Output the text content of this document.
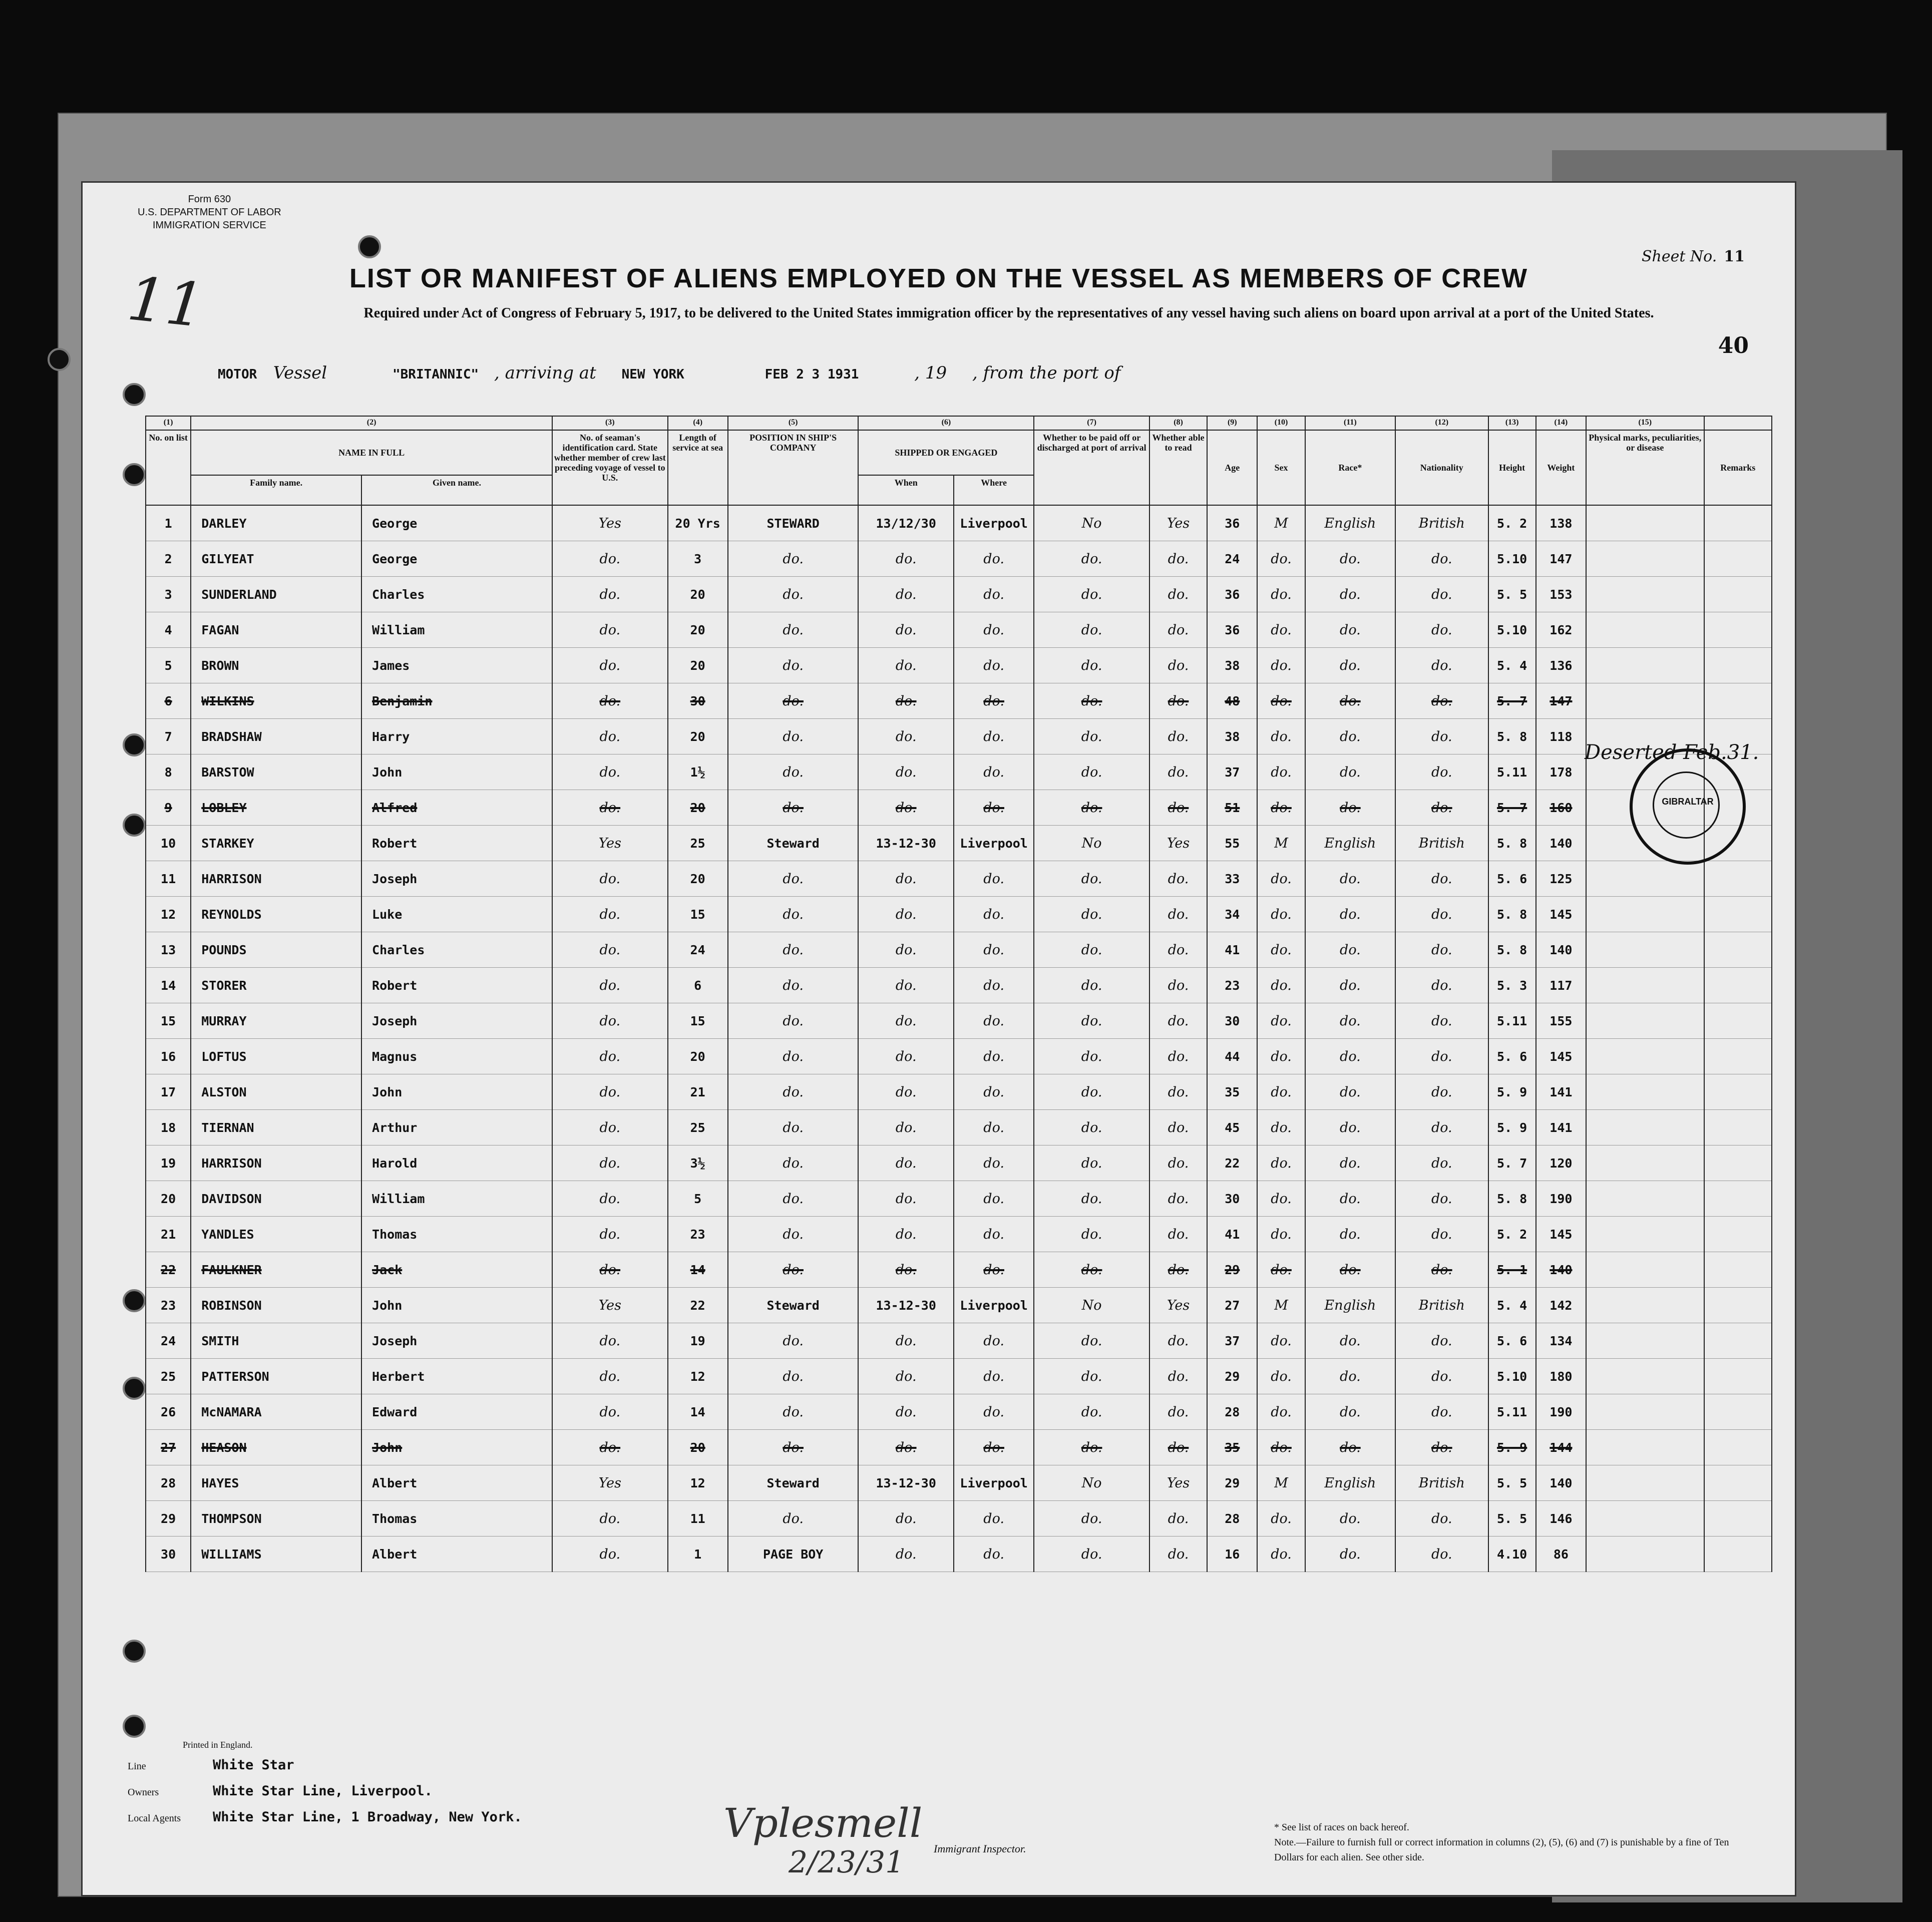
Form 630
U.S. DEPARTMENT OF LABOR
IMMIGRATION SERVICE
11
Sheet No. 11
40
LIST OR MANIFEST OF ALIENS EMPLOYED ON THE VESSEL AS MEMBERS OF CREW
Required under Act of Congress of February 5, 1917, to be delivered to the United States immigration officer by the representatives of any vessel having such aliens on board upon arrival at a port of the United States.
MOTOR Vessel	"BRITANNIC" , arriving at NEW YORK	FEB 2 3 1931	, 19 , from the port of
(1)	(2)		(3)	(4)	(5)	(6)		(7)	(8)	(9)	(10)	(11)	(12)	(13)	(14)	(15)	
No. on list	NAME IN FULL		No. of seaman's identification card. State whether member of crew last preceding voyage of vessel to U.S.	Length of service at sea	POSITION IN SHIP'S COMPANY	SHIPPED OR ENGAGED		Whether to be paid off or discharged at port of arrival	Whether able to read	Age	Sex	Race*	Nationality	Height	Weight	Physical marks, peculiarities, or disease	Remarks
	Family name.	Given name.				When	Where										
1	DARLEY	George	Yes	20 Yrs	STEWARD	13/12/30	Liverpool	No	Yes	36	M	English	British	5. 2	138		
2	GILYEAT	George	do.	3	do.	do.	do.	do.	do.	24	do.	do.	do.	5.10	147		
3	SUNDERLAND	Charles	do.	20	do.	do.	do.	do.	do.	36	do.	do.	do.	5. 5	153		
4	FAGAN	William	do.	20	do.	do.	do.	do.	do.	36	do.	do.	do.	5.10	162		
5	BROWN	James	do.	20	do.	do.	do.	do.	do.	38	do.	do.	do.	5. 4	136		
6	WILKINS	Benjamin	do.	30	do.	do.	do.	do.	do.	48	do.	do.	do.	5. 7	147		
7	BRADSHAW	Harry	do.	20	do.	do.	do.	do.	do.	38	do.	do.	do.	5. 8	118		
8	BARSTOW	John	do.	1½	do.	do.	do.	do.	do.	37	do.	do.	do.	5.11	178		
9	LOBLEY	Alfred	do.	20	do.	do.	do.	do.	do.	51	do.	do.	do.	5. 7	160		
10	STARKEY	Robert	Yes	25	Steward	13-12-30	Liverpool	No	Yes	55	M	English	British	5. 8	140		
11	HARRISON	Joseph	do.	20	do.	do.	do.	do.	do.	33	do.	do.	do.	5. 6	125		
12	REYNOLDS	Luke	do.	15	do.	do.	do.	do.	do.	34	do.	do.	do.	5. 8	145		
13	POUNDS	Charles	do.	24	do.	do.	do.	do.	do.	41	do.	do.	do.	5. 8	140		
14	STORER	Robert	do.	6	do.	do.	do.	do.	do.	23	do.	do.	do.	5. 3	117		
15	MURRAY	Joseph	do.	15	do.	do.	do.	do.	do.	30	do.	do.	do.	5.11	155		
16	LOFTUS	Magnus	do.	20	do.	do.	do.	do.	do.	44	do.	do.	do.	5. 6	145		
17	ALSTON	John	do.	21	do.	do.	do.	do.	do.	35	do.	do.	do.	5. 9	141		
18	TIERNAN	Arthur	do.	25	do.	do.	do.	do.	do.	45	do.	do.	do.	5. 9	141		
19	HARRISON	Harold	do.	3½	do.	do.	do.	do.	do.	22	do.	do.	do.	5. 7	120		
20	DAVIDSON	William	do.	5	do.	do.	do.	do.	do.	30	do.	do.	do.	5. 8	190		
21	YANDLES	Thomas	do.	23	do.	do.	do.	do.	do.	41	do.	do.	do.	5. 2	145		
22	FAULKNER	Jack	do.	14	do.	do.	do.	do.	do.	29	do.	do.	do.	5. 1	140		
23	ROBINSON	John	Yes	22	Steward	13-12-30	Liverpool	No	Yes	27	M	English	British	5. 4	142		
24	SMITH	Joseph	do.	19	do.	do.	do.	do.	do.	37	do.	do.	do.	5. 6	134		
25	PATTERSON	Herbert	do.	12	do.	do.	do.	do.	do.	29	do.	do.	do.	5.10	180		
26	McNAMARA	Edward	do.	14	do.	do.	do.	do.	do.	28	do.	do.	do.	5.11	190		
27	HEASON	John	do.	20	do.	do.	do.	do.	do.	35	do.	do.	do.	5. 9	144		
28	HAYES	Albert	Yes	12	Steward	13-12-30	Liverpool	No	Yes	29	M	English	British	5. 5	140		
29	THOMPSON	Thomas	do.	11	do.	do.	do.	do.	do.	28	do.	do.	do.	5. 5	146		
30	WILLIAMS	Albert	do.	1	PAGE BOY	do.	do.	do.	do.	16	do.	do.	do.	4.10	86		
Deserted Feb.31.
GIBRALTAR
Printed in England.
Line	White Star
Owners	White Star Line, Liverpool.
Local Agents White Star Line, 1 Broadway, New York.	Vplesmell
2/23/31	Immigrant Inspector.
* See list of races on back hereof.
Note.—Failure to furnish full or correct information in columns (2), (5), (6) and (7) is punishable by a fine of Ten Dollars for each alien. See other side.
